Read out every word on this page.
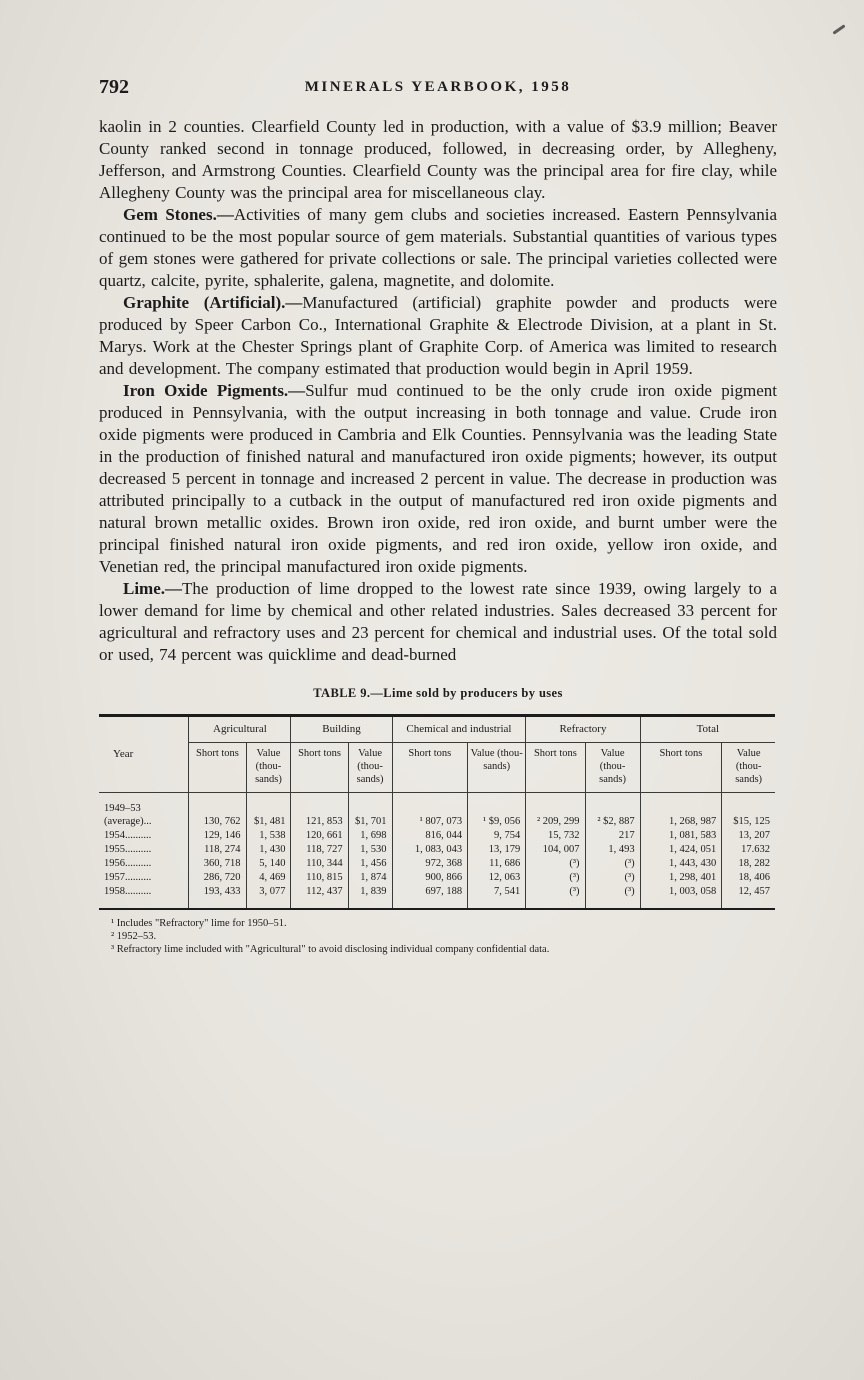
792	MINERALS YEARBOOK, 1958

kaolin in 2 counties. Clearfield County led in production, with a value of $3.9 million; Beaver County ranked second in tonnage produced, followed, in decreasing order, by Allegheny, Jefferson, and Armstrong Counties. Clearfield County was the principal area for fire clay, while Allegheny County was the principal area for miscellaneous clay.

Gem Stones.—Activities of many gem clubs and societies increased. Eastern Pennsylvania continued to be the most popular source of gem materials. Substantial quantities of various types of gem stones were gathered for private collections or sale. The principal varieties collected were quartz, calcite, pyrite, sphalerite, galena, magnetite, and dolomite.

Graphite (Artificial).—Manufactured (artificial) graphite powder and products were produced by Speer Carbon Co., International Graphite & Electrode Division, at a plant in St. Marys. Work at the Chester Springs plant of Graphite Corp. of America was limited to research and development. The company estimated that production would begin in April 1959.

Iron Oxide Pigments.—Sulfur mud continued to be the only crude iron oxide pigment produced in Pennsylvania, with the output increasing in both tonnage and value. Crude iron oxide pigments were produced in Cambria and Elk Counties. Pennsylvania was the leading State in the production of finished natural and manufactured iron oxide pigments; however, its output decreased 5 percent in tonnage and increased 2 percent in value. The decrease in production was attributed principally to a cutback in the output of manufactured red iron oxide pigments and natural brown metallic oxides. Brown iron oxide, red iron oxide, and burnt umber were the principal finished natural iron oxide pigments, and red iron oxide, yellow iron oxide, and Venetian red, the principal manufactured iron oxide pigments.

Lime.—The production of lime dropped to the lowest rate since 1939, owing largely to a lower demand for lime by chemical and other related industries. Sales decreased 33 percent for agricultural and refractory uses and 23 percent for chemical and industrial uses. Of the total sold or used, 74 percent was quicklime and dead-burned

TABLE 9.—Lime sold by producers by uses
Year	Agricultural		Building		Chemical and industrial		Refractory		Total	
	Short tons	Value (thou-sands)	Short tons	Value (thou-sands)	Short tons	Value (thou-sands)	Short tons	Value (thou-sands)	Short tons	Value (thou-sands)
1949–53 (average)...	130, 762	$1, 481	121, 853	$1, 701	¹ 807, 073	¹ $9, 056	² 209, 299	² $2, 887	1, 268, 987	$15, 125
1954..........	129, 146	1, 538	120, 661	1, 698	816, 044	9, 754	15, 732	217	1, 081, 583	13, 207
1955..........	118, 274	1, 430	118, 727	1, 530	1, 083, 043	13, 179	104, 007	1, 493	1, 424, 051	17.632
1956..........	360, 718	5, 140	110, 344	1, 456	972, 368	11, 686	(³)	(³)	1, 443, 430	18, 282
1957..........	286, 720	4, 469	110, 815	1, 874	900, 866	12, 063	(³)	(³)	1, 298, 401	18, 406
1958..........	193, 433	3, 077	112, 437	1, 839	697, 188	7, 541	(³)	(³)	1, 003, 058	12, 457

¹ Includes "Refractory" lime for 1950–51.

² 1952–53.

³ Refractory lime included with "Agricultural" to avoid disclosing individual company confidential data.
